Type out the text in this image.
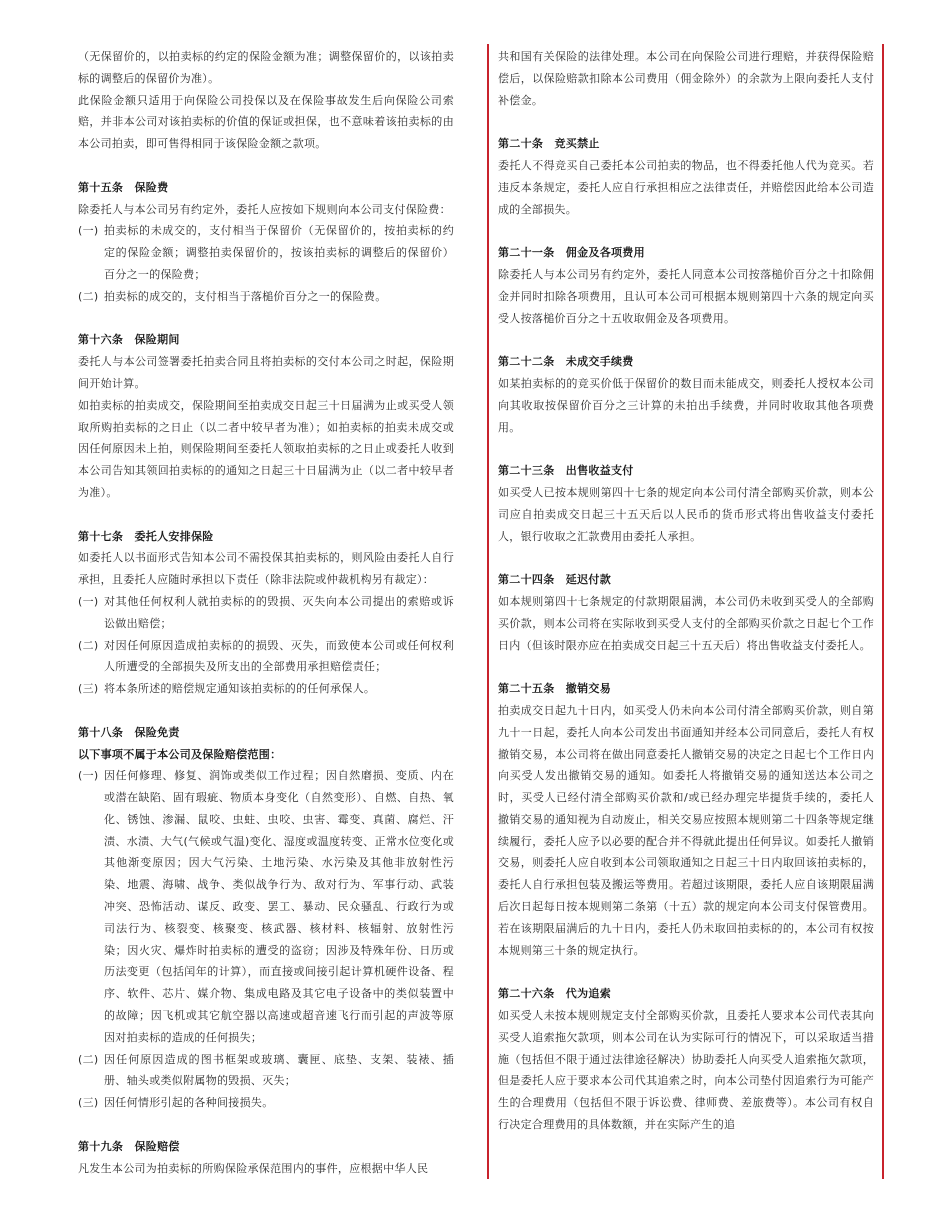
（无保留价的，以拍卖标的约定的保险金额为准；调整保留价的，以该拍卖标的调整后的保留价为准）。

此保险金额只适用于向保险公司投保以及在保险事故发生后向保险公司索赔，并非本公司对该拍卖标的价值的保证或担保，也不意味着该拍卖标的由本公司拍卖，即可售得相同于该保险金额之款项。

第十五条　保险费

除委托人与本公司另有约定外，委托人应按如下规则向本公司支付保险费：

(一) 拍卖标的未成交的，支付相当于保留价（无保留价的，按拍卖标的约定的保险金额；调整拍卖保留价的，按该拍卖标的调整后的保留价）百分之一的保险费；
(二) 拍卖标的成交的，支付相当于落槌价百分之一的保险费。

第十六条　保险期间

委托人与本公司签署委托拍卖合同且将拍卖标的交付本公司之时起，保险期间开始计算。

如拍卖标的拍卖成交，保险期间至拍卖成交日起三十日届满为止或买受人领取所购拍卖标的之日止（以二者中较早者为准）；如拍卖标的拍卖未成交或因任何原因未上拍，则保险期间至委托人领取拍卖标的之日止或委托人收到本公司告知其领回拍卖标的的通知之日起三十日届满为止（以二者中较早者为准）。

第十七条　委托人安排保险

如委托人以书面形式告知本公司不需投保其拍卖标的，则风险由委托人自行承担，且委托人应随时承担以下责任（除非法院或仲裁机构另有裁定）：

(一) 对其他任何权利人就拍卖标的的毁损、灭失向本公司提出的索赔或诉讼做出赔偿；
(二) 对因任何原因造成拍卖标的的损毁、灭失，而致使本公司或任何权利人所遭受的全部损失及所支出的全部费用承担赔偿责任；
(三) 将本条所述的赔偿规定通知该拍卖标的的任何承保人。

第十八条　保险免责

以下事项不属于本公司及保险赔偿范围：

(一) 因任何修理、修复、润饰或类似工作过程；因自然磨损、变质、内在或潜在缺陷、固有瑕疵、物质本身变化（自然变形）、自燃、自热、氧化、锈蚀、渗漏、鼠咬、虫蛀、虫咬、虫害、霉变、真菌、腐烂、汗渍、水渍、大气(气候或气温)变化、湿度或温度转变、正常水位变化或其他渐变原因；因大气污染、土地污染、水污染及其他非放射性污染、地震、海啸、战争、类似战争行为、敌对行为、军事行动、武装冲突、恐怖活动、谋反、政变、罢工、暴动、民众骚乱、行政行为或司法行为、核裂变、核聚变、核武器、核材料、核辐射、放射性污染；因火灾、爆炸时拍卖标的遭受的盗窃；因涉及特殊年份、日历或历法变更（包括闰年的计算），而直接或间接引起计算机硬件设备、程序、软件、芯片、媒介物、集成电路及其它电子设备中的类似装置中的故障；因飞机或其它航空器以高速或超音速飞行而引起的声波等原因对拍卖标的造成的任何损失；
(二) 因任何原因造成的图书框架或玻璃、囊匣、底垫、支架、装裱、插册、轴头或类似附属物的毁损、灭失；
(三) 因任何情形引起的各种间接损失。

第十九条　保险赔偿

凡发生本公司为拍卖标的所购保险承保范围内的事件，应根据中华人民

共和国有关保险的法律处理。本公司在向保险公司进行理赔，并获得保险赔偿后，以保险赔款扣除本公司费用（佣金除外）的余款为上限向委托人支付补偿金。

第二十条　竞买禁止

委托人不得竞买自己委托本公司拍卖的物品，也不得委托他人代为竞买。若违反本条规定，委托人应自行承担相应之法律责任，并赔偿因此给本公司造成的全部损失。

第二十一条　佣金及各项费用

除委托人与本公司另有约定外，委托人同意本公司按落槌价百分之十扣除佣金并同时扣除各项费用，且认可本公司可根据本规则第四十六条的规定向买受人按落槌价百分之十五收取佣金及各项费用。

第二十二条　未成交手续费

如某拍卖标的的竞买价低于保留价的数目而未能成交，则委托人授权本公司向其收取按保留价百分之三计算的未拍出手续费，并同时收取其他各项费用。

第二十三条　出售收益支付

如买受人已按本规则第四十七条的规定向本公司付清全部购买价款，则本公司应自拍卖成交日起三十五天后以人民币的货币形式将出售收益支付委托人，银行收取之汇款费用由委托人承担。

第二十四条　延迟付款

如本规则第四十七条规定的付款期限届满，本公司仍未收到买受人的全部购买价款，则本公司将在实际收到买受人支付的全部购买价款之日起七个工作日内（但该时限亦应在拍卖成交日起三十五天后）将出售收益支付委托人。

第二十五条　撤销交易

拍卖成交日起九十日内，如买受人仍未向本公司付清全部购买价款，则自第九十一日起，委托人向本公司发出书面通知并经本公司同意后，委托人有权撤销交易，本公司将在做出同意委托人撤销交易的决定之日起七个工作日内向买受人发出撤销交易的通知。如委托人将撤销交易的通知送达本公司之时，买受人已经付清全部购买价款和/或已经办理完毕提货手续的，委托人撤销交易的通知视为自动废止，相关交易应按照本规则第二十四条等规定继续履行，委托人应予以必要的配合并不得就此提出任何异议。如委托人撤销交易，则委托人应自收到本公司领取通知之日起三十日内取回该拍卖标的，委托人自行承担包装及搬运等费用。若超过该期限，委托人应自该期限届满后次日起每日按本规则第二条第（十五）款的规定向本公司支付保管费用。若在该期限届满后的九十日内，委托人仍未取回拍卖标的的，本公司有权按本规则第三十条的规定执行。

第二十六条　代为追索

如买受人未按本规则规定支付全部购买价款，且委托人要求本公司代表其向买受人追索拖欠款项，则本公司在认为实际可行的情况下，可以采取适当措施（包括但不限于通过法律途径解决）协助委托人向买受人追索拖欠款项，但是委托人应于要求本公司代其追索之时，向本公司垫付因追索行为可能产生的合理费用（包括但不限于诉讼费、律师费、差旅费等）。本公司有权自行决定合理费用的具体数额，并在实际产生的追
